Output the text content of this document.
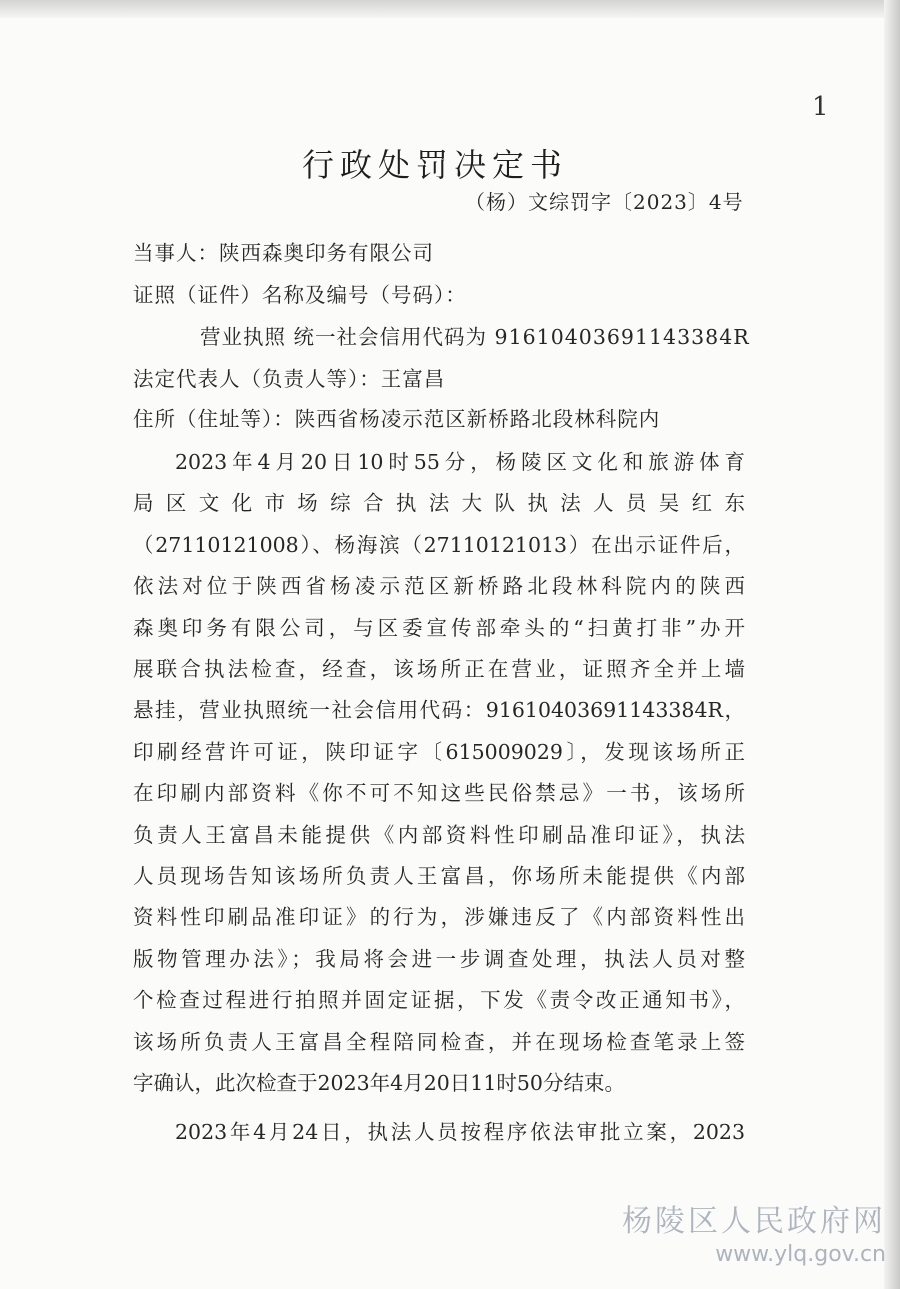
1
行政处罚决定书
（杨）文综罚字〔2023〕4号
当事人：陕西森奥印务有限公司
证照（证件）名称及编号（号码）：
营业执照 统一社会信用代码为 91610403691143384R
法定代表人（负责人等）：王富昌
住所（住址等）：陕西省杨凌示范区新桥路北段林科院内
2023年4月20日10时55分，杨陵区文化和旅游体育
局区文化市场综合执法大队执法人员吴红东
（27110121008）、杨海滨（27110121013）在出示证件后，
依法对位于陕西省杨凌示范区新桥路北段林科院内的陕西
森奥印务有限公司，与区委宣传部牵头的“扫黄打非”办开
展联合执法检查，经查，该场所正在营业，证照齐全并上墙
悬挂，营业执照统一社会信用代码：91610403691143384R，
印刷经营许可证，陕印证字〔615009029〕，发现该场所正
在印刷内部资料《你不可不知这些民俗禁忌》一书，该场所
负责人王富昌未能提供《内部资料性印刷品准印证》，执法
人员现场告知该场所负责人王富昌，你场所未能提供《内部
资料性印刷品准印证》的行为，涉嫌违反了《内部资料性出
版物管理办法》；我局将会进一步调查处理，执法人员对整
个检查过程进行拍照并固定证据，下发《责令改正通知书》，
该场所负责人王富昌全程陪同检查，并在现场检查笔录上签
字确认，此次检查于2023年4月20日11时50分结束。
2023年4月24日，执法人员按程序依法审批立案，2023
杨陵区人民政府网
www.ylq.gov.cn
